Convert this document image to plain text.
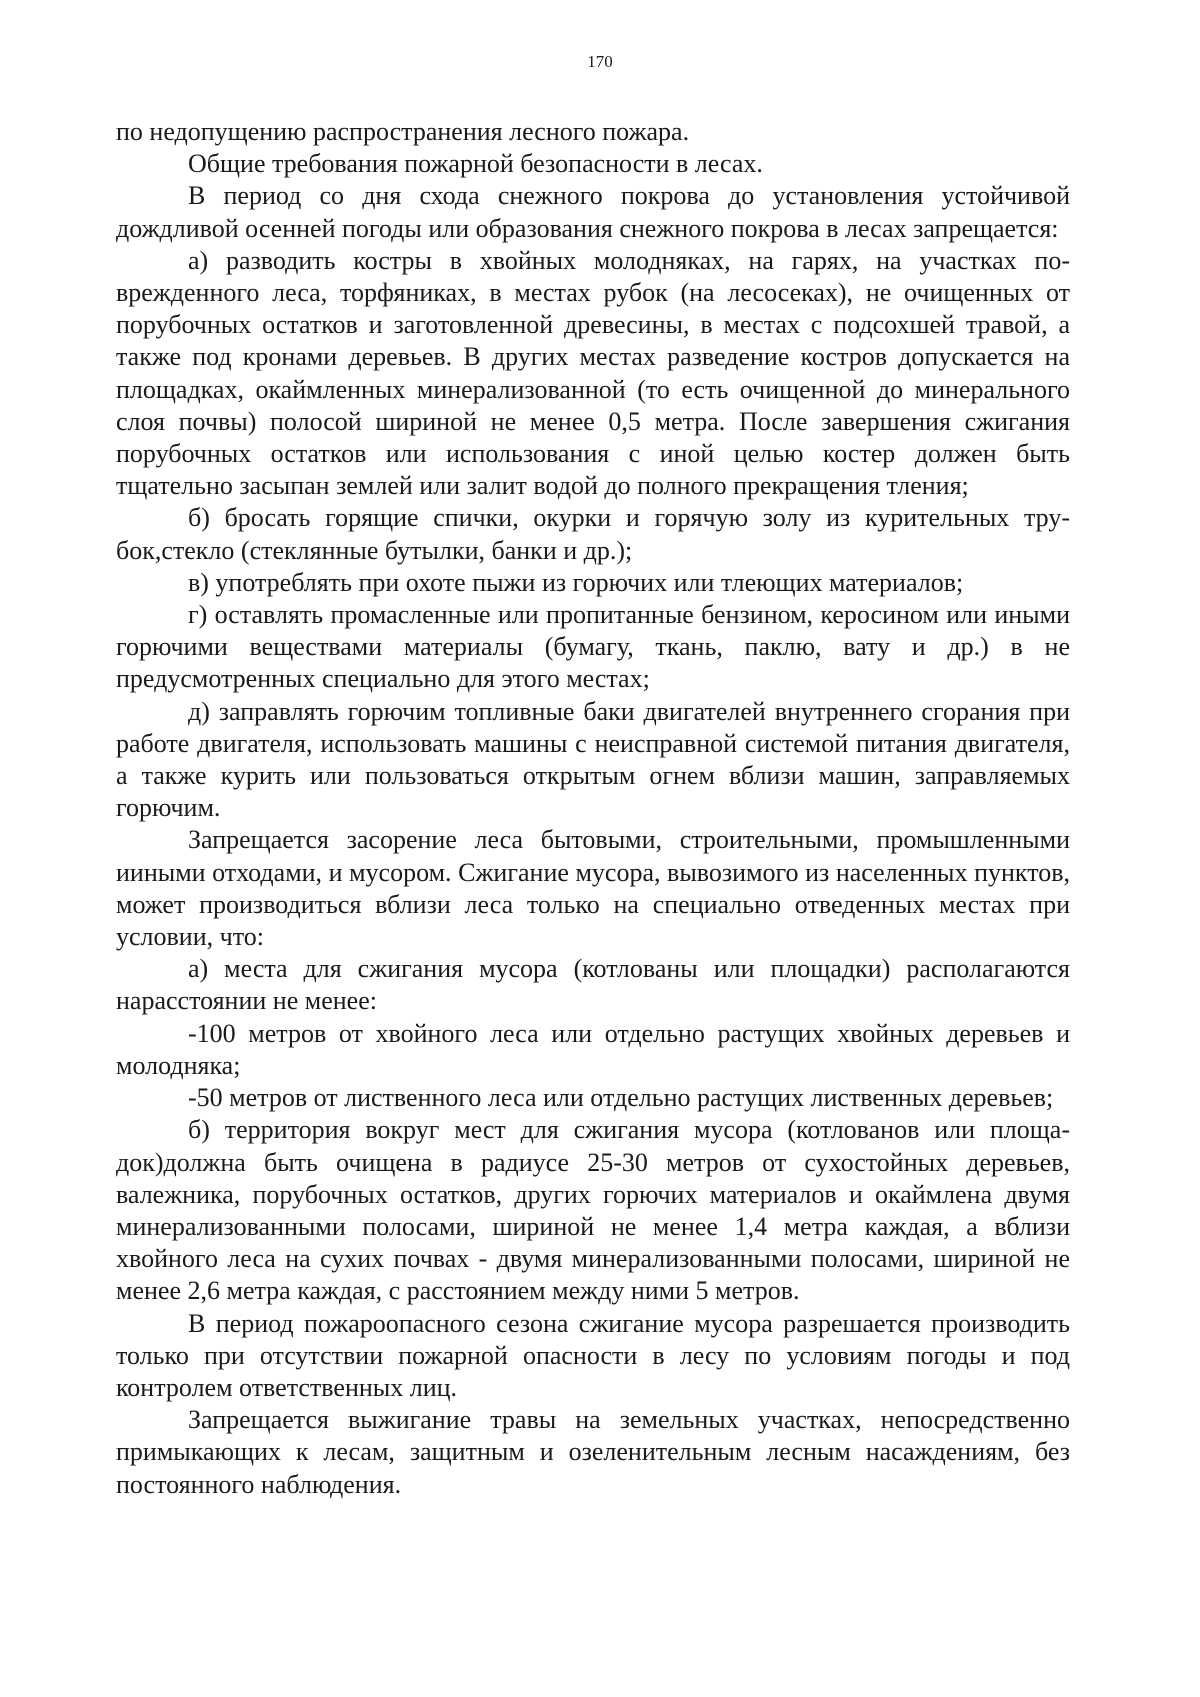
170

по недопущению распространения лесного пожара.

Общие требования пожарной безопасности в лесах.

В период со дня схода снежного покрова до установления устойчивой дождливой осенней погоды или образования снежного покрова в лесах запрещается:

а) разводить костры в хвойных молодняках, на гарях, на участках поврежденного леса, торфяниках, в местах рубок (на лесосеках), не очищенных от порубочных остатков и заготовленной древесины, в местах с подсохшей травой, а также под кронами деревьев. В других местах разведение костров допускается на площадках, окаймленных минерализованной (то есть очищенной до минерального слоя почвы) полосой шириной не менее 0,5 метра. После завершения сжигания порубочных остатков или использования с иной целью костер должен быть тщательно засыпан землей или залит водой до полного прекращения тления;

б) бросать горящие спички, окурки и горячую золу из курительных трубок,стекло (стеклянные бутылки, банки и др.);

в) употреблять при охоте пыжи из горючих или тлеющих материалов;

г) оставлять промасленные или пропитанные бензином, керосином или иными горючими веществами материалы (бумагу, ткань, паклю, вату и др.) в не предусмотренных специально для этого местах;

д) заправлять горючим топливные баки двигателей внутреннего сгорания при работе двигателя, использовать машины с неисправной системой питания двигателя, а также курить или пользоваться открытым огнем вблизи машин, заправляемых горючим.

Запрещается засорение леса бытовыми, строительными, промышленными ииными отходами, и мусором. Сжигание мусора, вывозимого из населенных пунктов, может производиться вблизи леса только на специально отведенных местах при условии, что:

а) места для сжигания мусора (котлованы или площадки) располагаются нарасстоянии не менее:

-100 метров от хвойного леса или отдельно растущих хвойных деревьев и молодняка;

-50 метров от лиственного леса или отдельно растущих лиственных деревьев;

б) территория вокруг мест для сжигания мусора (котлованов или площадок)должна быть очищена в радиусе 25-30 метров от сухостойных деревьев, валежника, порубочных остатков, других горючих материалов и окаймлена двумя минерализованными полосами, шириной не менее 1,4 метра каждая, а вблизи хвойного леса на сухих почвах - двумя минерализованными полосами, шириной не менее 2,6 метра каждая, с расстоянием между ними 5 метров.

В период пожароопасного сезона сжигание мусора разрешается производить только при отсутствии пожарной опасности в лесу по условиям погоды и под контролем ответственных лиц.

Запрещается выжигание травы на земельных участках, непосредственно примыкающих к лесам, защитным и озеленительным лесным насаждениям, без постоянного наблюдения.
